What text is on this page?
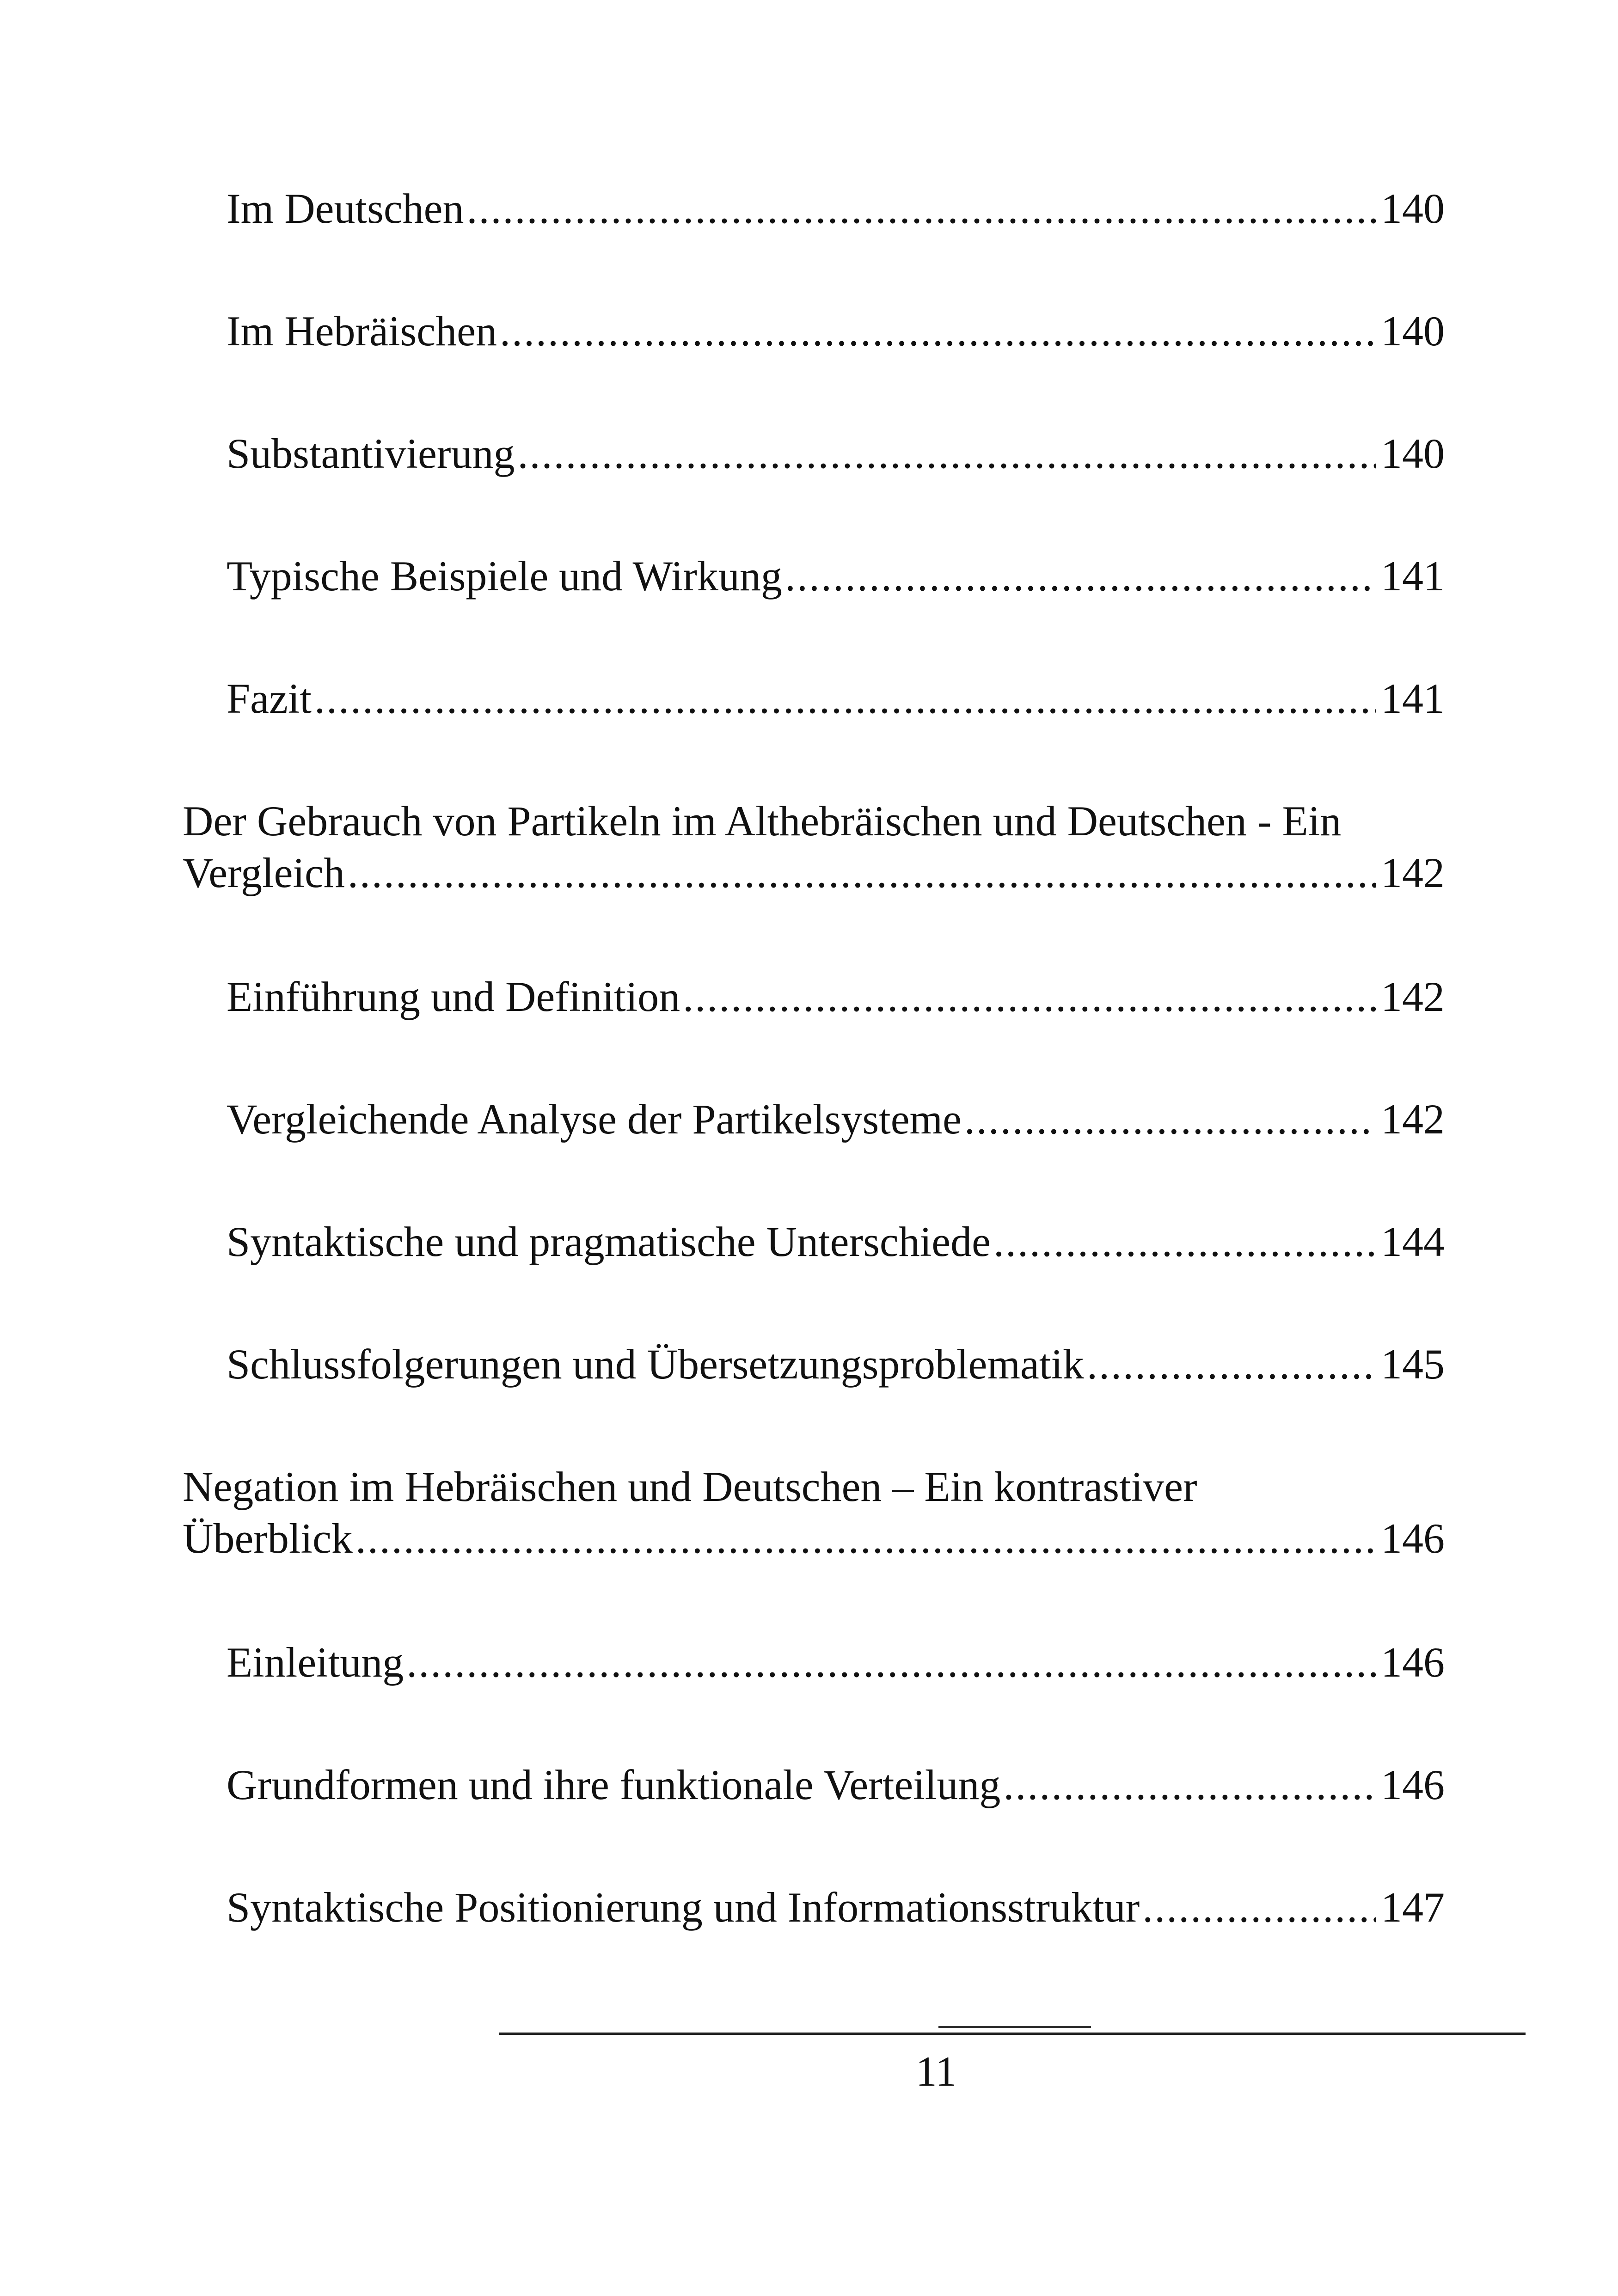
Im Deutschen . . .	140
Im Hebräischen . . .	140
Substantivierung . . .	140
Typische Beispiele und Wirkung . . .	141
Fazit . . .	141
Der Gebrauch von Partikeln im Althebräischen und Deutschen - Ein
Vergleich . . .	142
Einführung und Definition . . .	142
Vergleichende Analyse der Partikelsysteme . . .	142
Syntaktische und pragmatische Unterschiede . . .	144
Schlussfolgerungen und Übersetzungsproblematik . . .	145
Negation im Hebräischen und Deutschen – Ein kontrastiver
Überblick . . .	146
Einleitung . . .	146
Grundformen und ihre funktionale Verteilung . . .	146
Syntaktische Positionierung und Informationsstruktur . . .	147
11
